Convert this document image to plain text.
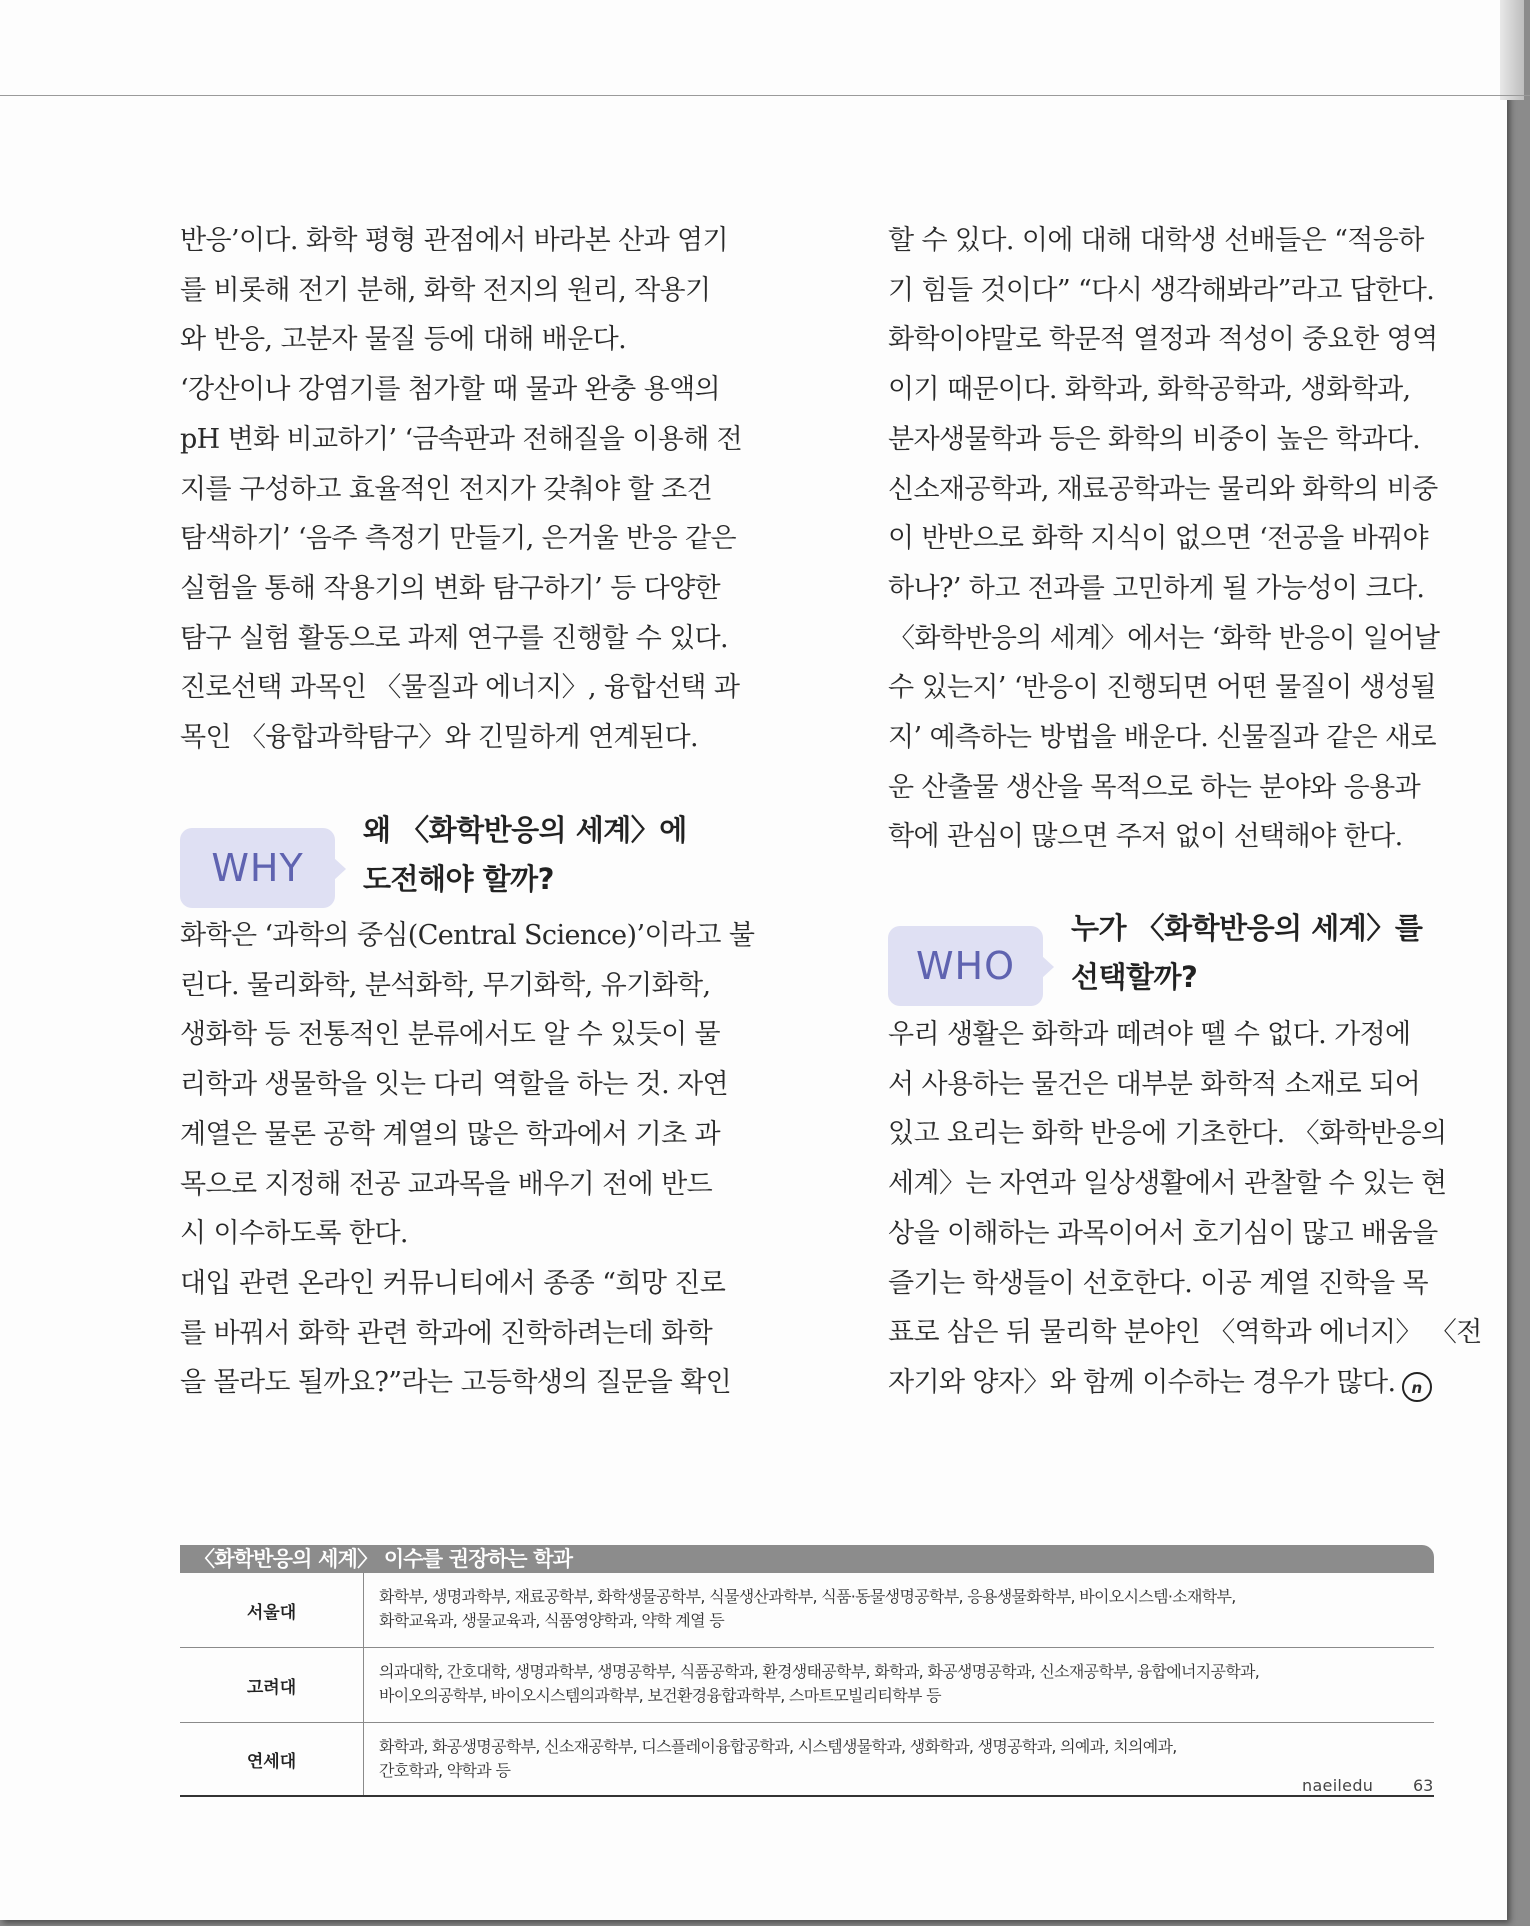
반응’이다. 화학 평형 관점에서 바라본 산과 염기

를 비롯해 전기 분해, 화학 전지의 원리, 작용기

와 반응, 고분자 물질 등에 대해 배운다.

‘강산이나 강염기를 첨가할 때 물과 완충 용액의

pH 변화 비교하기’ ‘금속판과 전해질을 이용해 전

지를 구성하고 효율적인 전지가 갖춰야 할 조건

탐색하기’ ‘음주 측정기 만들기, 은거울 반응 같은

실험을 통해 작용기의 변화 탐구하기’ 등 다양한

탐구 실험 활동으로 과제 연구를 진행할 수 있다.

진로선택 과목인 〈물질과 에너지〉, 융합선택 과

목인 〈융합과학탐구〉와 긴밀하게 연계된다.

WHY
왜 〈화학반응의 세계〉에
도전해야 할까?

화학은 ‘과학의 중심(Central Science)’이라고 불

린다. 물리화학, 분석화학, 무기화학, 유기화학,

생화학 등 전통적인 분류에서도 알 수 있듯이 물

리학과 생물학을 잇는 다리 역할을 하는 것. 자연

계열은 물론 공학 계열의 많은 학과에서 기초 과

목으로 지정해 전공 교과목을 배우기 전에 반드

시 이수하도록 한다.

대입 관련 온라인 커뮤니티에서 종종 “희망 진로

를 바꿔서 화학 관련 학과에 진학하려는데 화학

을 몰라도 될까요?”라는 고등학생의 질문을 확인

할 수 있다. 이에 대해 대학생 선배들은 “적응하

기 힘들 것이다” “다시 생각해봐라”라고 답한다.

화학이야말로 학문적 열정과 적성이 중요한 영역

이기 때문이다. 화학과, 화학공학과, 생화학과,

분자생물학과 등은 화학의 비중이 높은 학과다.

신소재공학과, 재료공학과는 물리와 화학의 비중

이 반반으로 화학 지식이 없으면 ‘전공을 바꿔야

하나?’ 하고 전과를 고민하게 될 가능성이 크다.

〈화학반응의 세계〉에서는 ‘화학 반응이 일어날

수 있는지’ ‘반응이 진행되면 어떤 물질이 생성될

지’ 예측하는 방법을 배운다. 신물질과 같은 새로

운 산출물 생산을 목적으로 하는 분야와 응용과

학에 관심이 많으면 주저 없이 선택해야 한다.

WHO
누가 〈화학반응의 세계〉를
선택할까?

우리 생활은 화학과 떼려야 뗄 수 없다. 가정에

서 사용하는 물건은 대부분 화학적 소재로 되어

있고 요리는 화학 반응에 기초한다. 〈화학반응의

세계〉는 자연과 일상생활에서 관찰할 수 있는 현

상을 이해하는 과목이어서 호기심이 많고 배움을

즐기는 학생들이 선호한다. 이공 계열 진학을 목

표로 삼은 뒤 물리학 분야인 〈역학과 에너지〉 〈전

자기와 양자〉와 함께 이수하는 경우가 많다. n

〈화학반응의 세계〉 이수를 권장하는 학과
서울대
화학부, 생명과학부, 재료공학부, 화학생물공학부, 식물생산과학부, 식품·동물생명공학부, 응용생물화학부, 바이오시스템·소재학부,
화학교육과, 생물교육과, 식품영양학과, 약학 계열 등
고려대
의과대학, 간호대학, 생명과학부, 생명공학부, 식품공학과, 환경생태공학부, 화학과, 화공생명공학과, 신소재공학부, 융합에너지공학과,
바이오의공학부, 바이오시스템의과학부, 보건환경융합과학부, 스마트모빌리티학부 등
연세대
화학과, 화공생명공학부, 신소재공학부, 디스플레이융합공학과, 시스템생물학과, 생화학과, 생명공학과, 의예과, 치의예과,
간호학과, 약학과 등
naeiledu 63
